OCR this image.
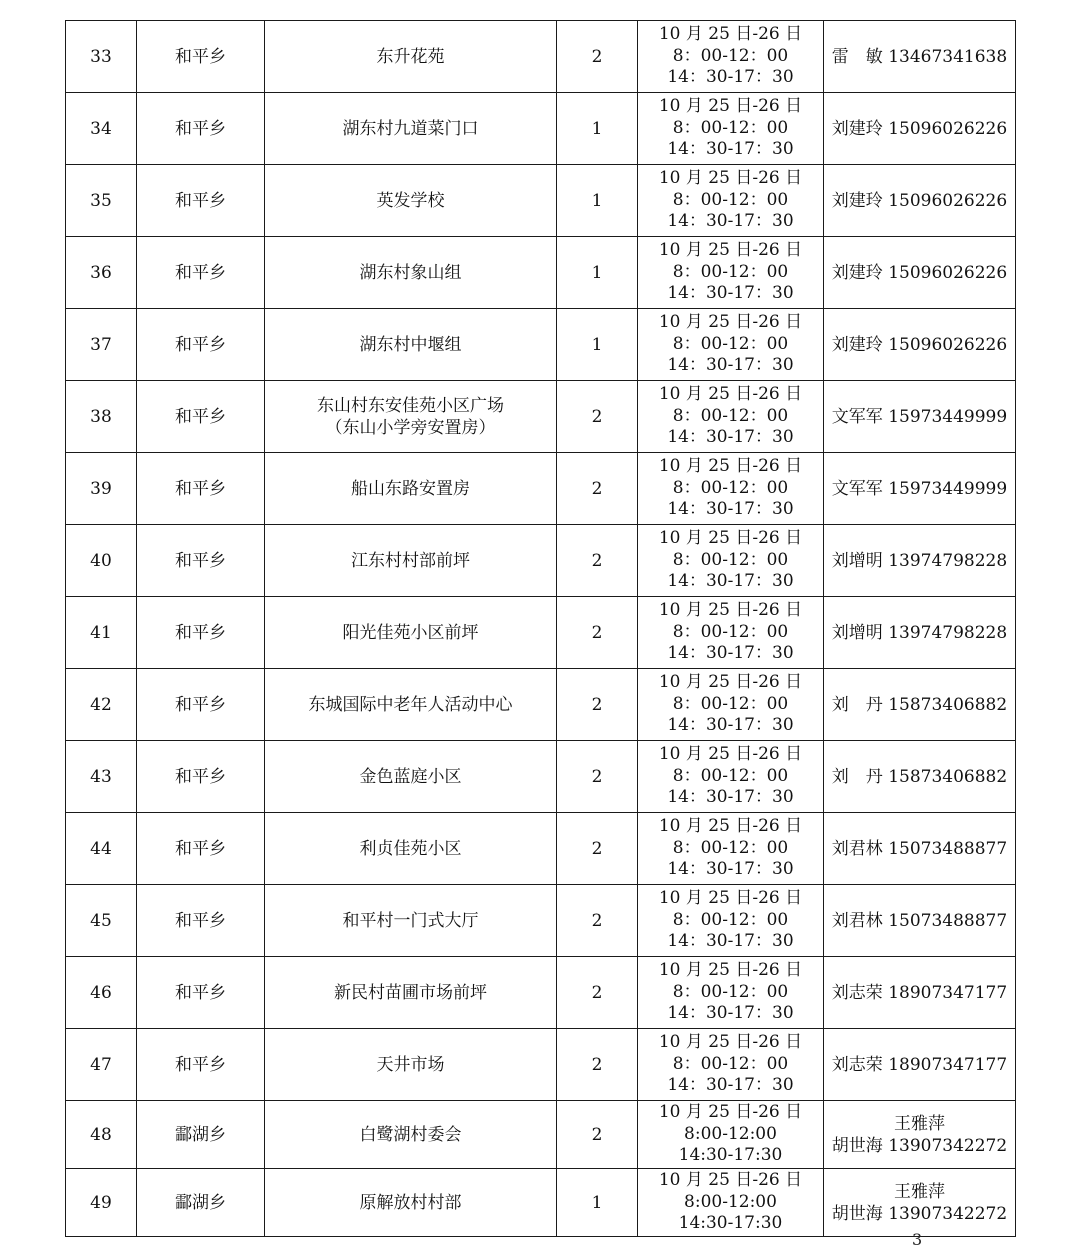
33	和平乡	东升花苑	2	10 月 25 日-26 日
8：00-12：00
14：30-17：30	雷　敏 13467341638

34	和平乡	湖东村九道菜门口	1	10 月 25 日-26 日
8：00-12：00
14：30-17：30	刘建玲 15096026226

35	和平乡	英发学校	1	10 月 25 日-26 日
8：00-12：00
14：30-17：30	刘建玲 15096026226

36	和平乡	湖东村象山组	1	10 月 25 日-26 日
8：00-12：00
14：30-17：30	刘建玲 15096026226

37	和平乡	湖东村中堰组	1	10 月 25 日-26 日
8：00-12：00
14：30-17：30	刘建玲 15096026226

38	和平乡	东山村东安佳苑小区广场
（东山小学旁安置房）	2	10 月 25 日-26 日
8：00-12：00
14：30-17：30	文军军 15973449999

39	和平乡	船山东路安置房	2	10 月 25 日-26 日
8：00-12：00
14：30-17：30	文军军 15973449999

40	和平乡	江东村村部前坪	2	10 月 25 日-26 日
8：00-12：00
14：30-17：30	刘增明 13974798228

41	和平乡	阳光佳苑小区前坪	2	10 月 25 日-26 日
8：00-12：00
14：30-17：30	刘增明 13974798228

42	和平乡	东城国际中老年人活动中心	2	10 月 25 日-26 日
8：00-12：00
14：30-17：30	刘　丹 15873406882

43	和平乡	金色蓝庭小区	2	10 月 25 日-26 日
8：00-12：00
14：30-17：30	刘　丹 15873406882

44	和平乡	利贞佳苑小区	2	10 月 25 日-26 日
8：00-12：00
14：30-17：30	刘君林 15073488877

45	和平乡	和平村一门式大厅	2	10 月 25 日-26 日
8：00-12：00
14：30-17：30	刘君林 15073488877

46	和平乡	新民村苗圃市场前坪	2	10 月 25 日-26 日
8：00-12：00
14：30-17：30	刘志荣 18907347177

47	和平乡	天井市场	2	10 月 25 日-26 日
8：00-12：00
14：30-17：30	刘志荣 18907347177

48	酃湖乡	白鹭湖村委会	2	10 月 25 日-26 日
8:00-12:00
14:30-17:30	王雅萍
胡世海 13907342272

49	酃湖乡	原解放村村部	1	10 月 25 日-26 日
8:00-12:00
14:30-17:30	王雅萍
胡世海 13907342272
3
